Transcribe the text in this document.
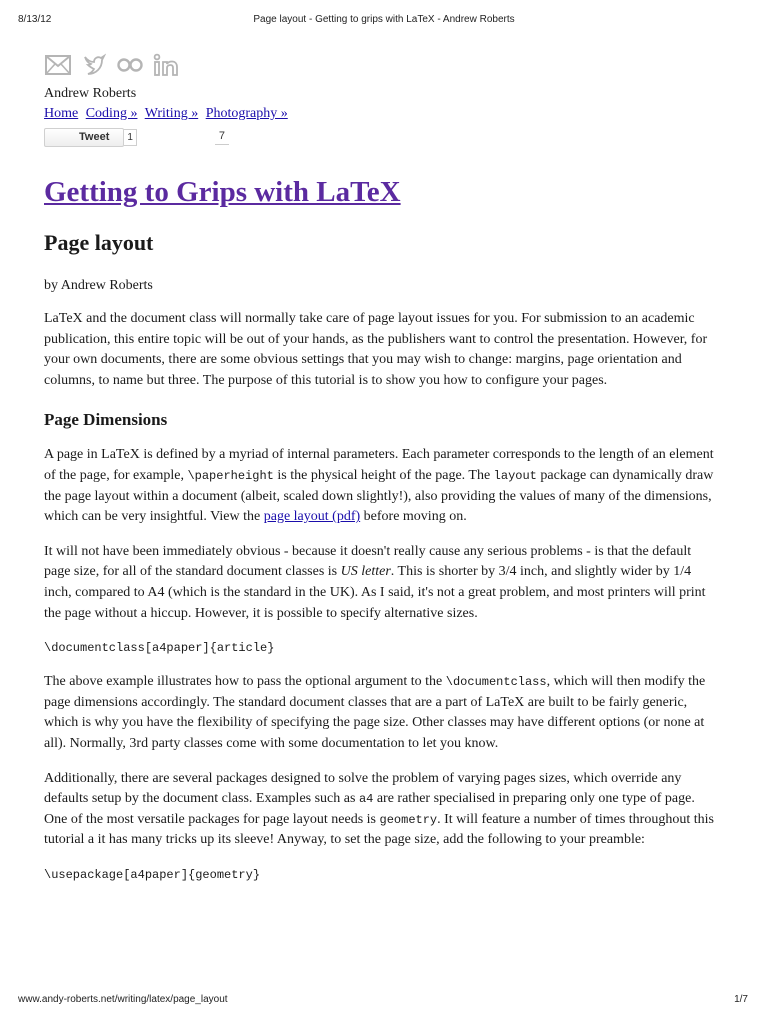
8/13/12	Page layout - Getting to grips with LaTeX - Andrew Roberts
Andrew Roberts
Home Coding » Writing » Photography »
Tweet	1	7
Getting to Grips with LaTeX
Page layout
by Andrew Roberts

LaTeX and the document class will normally take care of page layout issues for you. For submission to an academic publication, this entire topic will be out of your hands, as the publishers want to control the presentation. However, for your own documents, there are some obvious settings that you may wish to change: margins, page orientation and columns, to name but three. The purpose of this tutorial is to show you how to configure your pages.

Page Dimensions

A page in LaTeX is defined by a myriad of internal parameters. Each parameter corresponds to the length of an element of the page, for example, \paperheight is the physical height of the page. The layout package can dynamically draw the page layout within a document (albeit, scaled down slightly!), also providing the values of many of the dimensions, which can be very insightful. View the page layout (pdf) before moving on.

It will not have been immediately obvious - because it doesn't really cause any serious problems - is that the default page size, for all of the standard document classes is US letter. This is shorter by 3/4 inch, and slightly wider by 1/4 inch, compared to A4 (which is the standard in the UK). As I said, it's not a great problem, and most printers will print the page without a hiccup. However, it is possible to specify alternative sizes.

\documentclass[a4paper]{article}

The above example illustrates how to pass the optional argument to the \documentclass, which will then modify the page dimensions accordingly. The standard document classes that are a part of LaTeX are built to be fairly generic, which is why you have the flexibility of specifying the page size. Other classes may have different options (or none at all). Normally, 3rd party classes come with some documentation to let you know.

Additionally, there are several packages designed to solve the problem of varying pages sizes, which override any defaults setup by the document class. Examples such as a4 are rather specialised in preparing only one type of page. One of the most versatile packages for page layout needs is geometry. It will feature a number of times throughout this tutorial a it has many tricks up its sleeve! Anyway, to set the page size, add the following to your preamble:

\usepackage[a4paper]{geometry}
www.andy-roberts.net/writing/latex/page_layout	1/7
